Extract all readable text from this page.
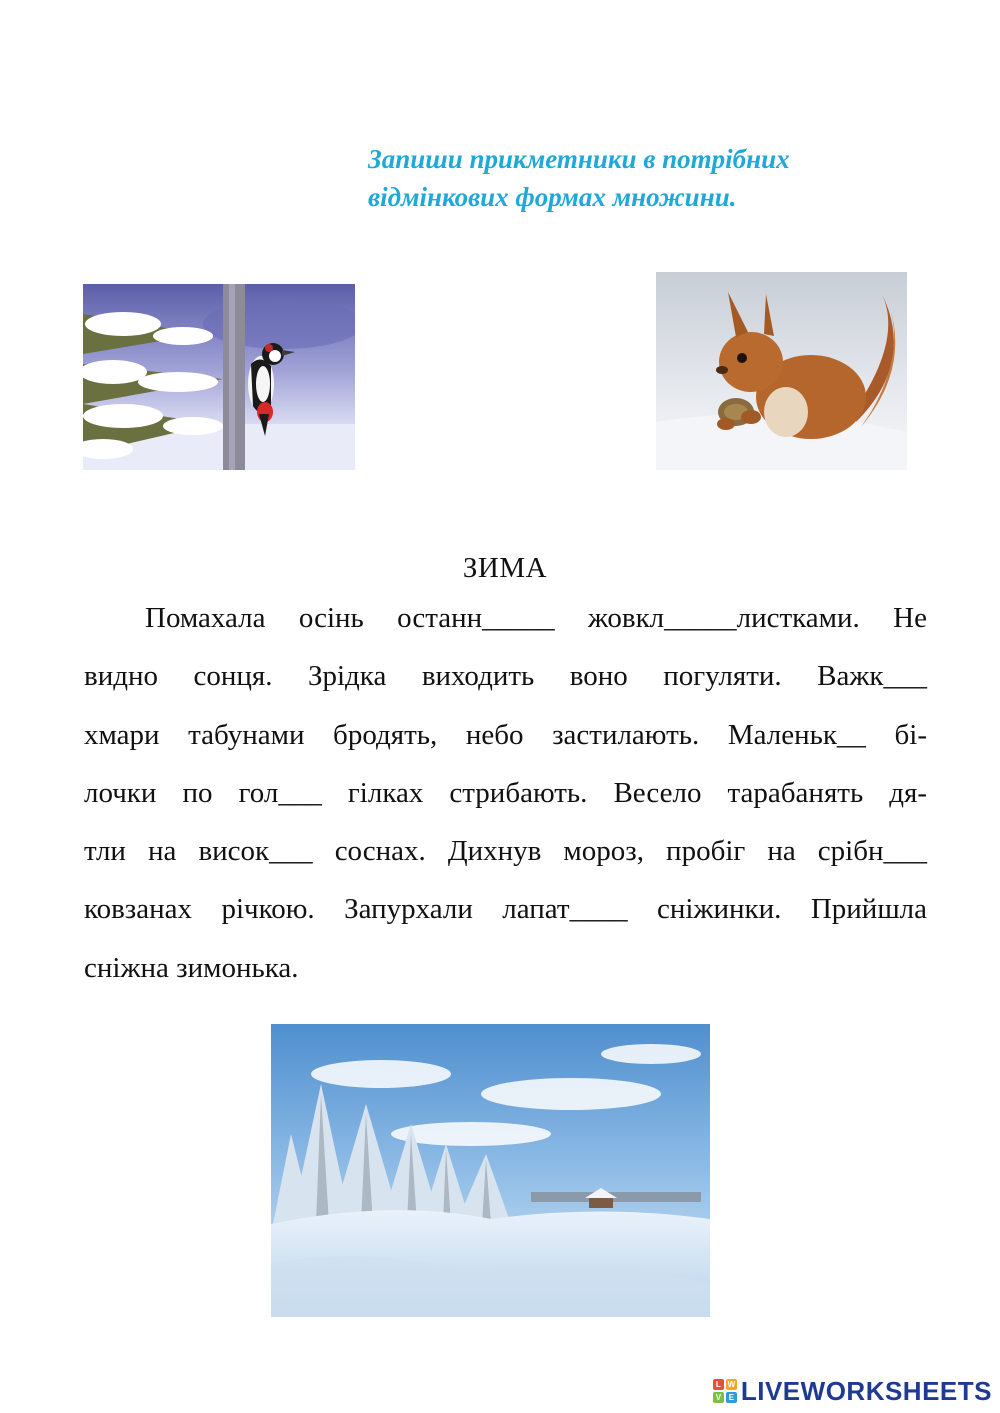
Запиши прикметники в потрібних
відмінкових формах множини.
ЗИМА
Помахала осінь останн_____ жовкл_____листками. Не
видно сонця. Зрідка виходить воно погуляти. Важк___
хмари табунами бродять, небо застилають. Маленьк__ бі-
лочки по гол___ гілках стрибають. Весело тарабанять дя-
тли на висок___ соснах. Дихнув мороз, пробіг на срібн___
ковзанах річкою. Запурхали лапат____ сніжинки. Прийшла
сніжна зимонька.
L W
V E LIVEWORKSHEETS
